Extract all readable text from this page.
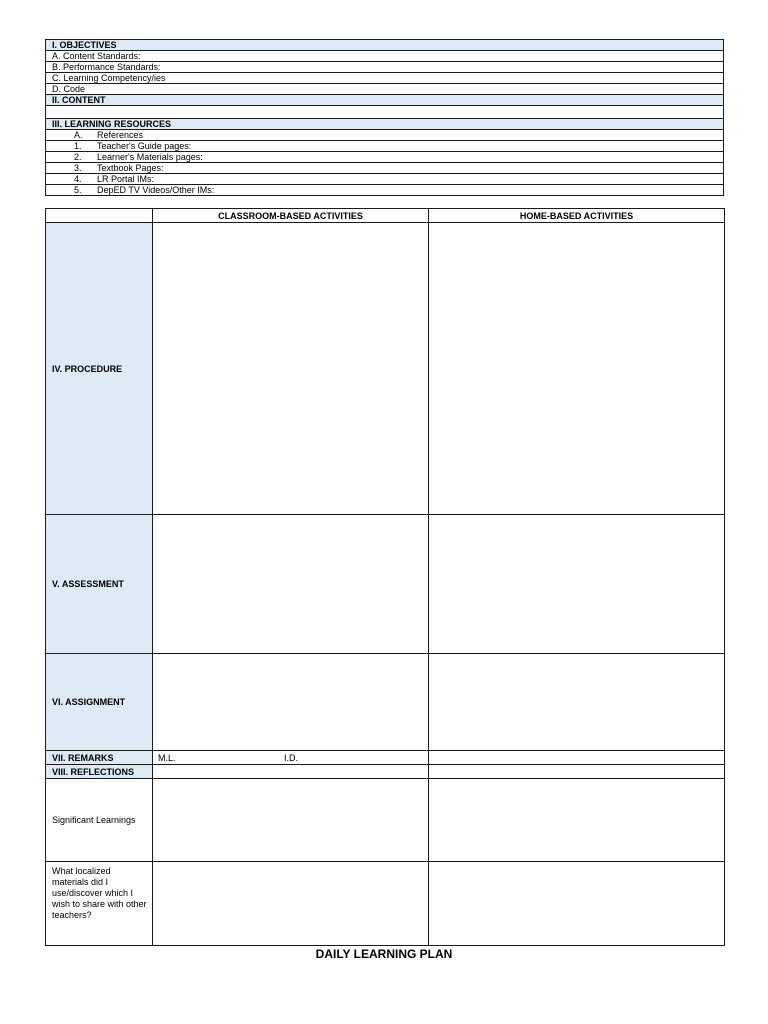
I. OBJECTIVES
A. Content Standards:
B. Performance Standards:
C. Learning Competency/ies
D. Code
II. CONTENT

III. LEARNING RESOURCES
A. References
1. Teacher's Guide pages:
2. Learner's Materials pages:
3. Textbook Pages:
4. LR Portal IMs:
5. DepED TV Videos/Other IMs:
	CLASSROOM-BASED ACTIVITIES	HOME-BASED ACTIVITIES
IV. PROCEDURE		
V. ASSESSMENT		
VI. ASSIGNMENT		
VII. REMARKS	M.L. I.D.	

VIII. REFLECTIONS		
Significant Learnings		
What localized materials did I use/discover which I wish to share with other teachers?		
DAILY LEARNING PLAN
